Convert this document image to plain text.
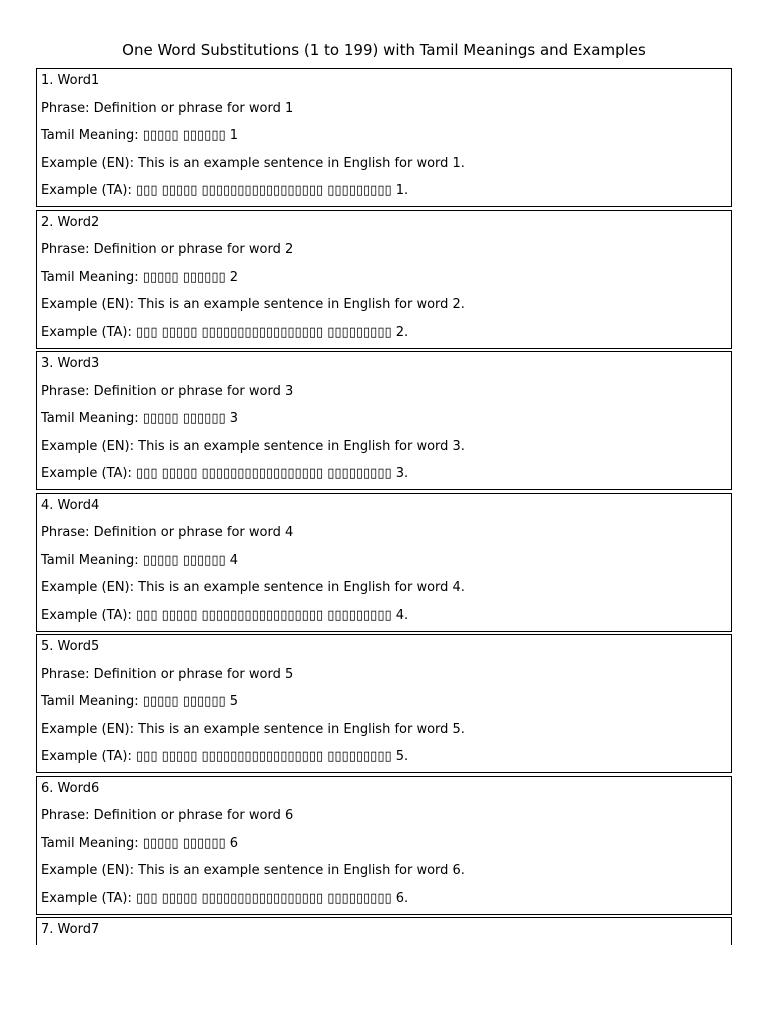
One Word Substitutions (1 to 199) with Tamil Meanings and Examples
1. Word1
Phrase: Definition or phrase for word 1
Tamil Meaning: ▯▯▯▯▯ ▯▯▯▯▯▯ 1
Example (EN): This is an example sentence in English for word 1.
Example (TA): ▯▯▯ ▯▯▯▯▯ ▯▯▯▯▯▯▯▯▯▯▯▯▯▯▯▯▯ ▯▯▯▯▯▯▯▯▯ 1.
2. Word2
Phrase: Definition or phrase for word 2
Tamil Meaning: ▯▯▯▯▯ ▯▯▯▯▯▯ 2
Example (EN): This is an example sentence in English for word 2.
Example (TA): ▯▯▯ ▯▯▯▯▯ ▯▯▯▯▯▯▯▯▯▯▯▯▯▯▯▯▯ ▯▯▯▯▯▯▯▯▯ 2.
3. Word3
Phrase: Definition or phrase for word 3
Tamil Meaning: ▯▯▯▯▯ ▯▯▯▯▯▯ 3
Example (EN): This is an example sentence in English for word 3.
Example (TA): ▯▯▯ ▯▯▯▯▯ ▯▯▯▯▯▯▯▯▯▯▯▯▯▯▯▯▯ ▯▯▯▯▯▯▯▯▯ 3.
4. Word4
Phrase: Definition or phrase for word 4
Tamil Meaning: ▯▯▯▯▯ ▯▯▯▯▯▯ 4
Example (EN): This is an example sentence in English for word 4.
Example (TA): ▯▯▯ ▯▯▯▯▯ ▯▯▯▯▯▯▯▯▯▯▯▯▯▯▯▯▯ ▯▯▯▯▯▯▯▯▯ 4.
5. Word5
Phrase: Definition or phrase for word 5
Tamil Meaning: ▯▯▯▯▯ ▯▯▯▯▯▯ 5
Example (EN): This is an example sentence in English for word 5.
Example (TA): ▯▯▯ ▯▯▯▯▯ ▯▯▯▯▯▯▯▯▯▯▯▯▯▯▯▯▯ ▯▯▯▯▯▯▯▯▯ 5.
6. Word6
Phrase: Definition or phrase for word 6
Tamil Meaning: ▯▯▯▯▯ ▯▯▯▯▯▯ 6
Example (EN): This is an example sentence in English for word 6.
Example (TA): ▯▯▯ ▯▯▯▯▯ ▯▯▯▯▯▯▯▯▯▯▯▯▯▯▯▯▯ ▯▯▯▯▯▯▯▯▯ 6.
7. Word7
